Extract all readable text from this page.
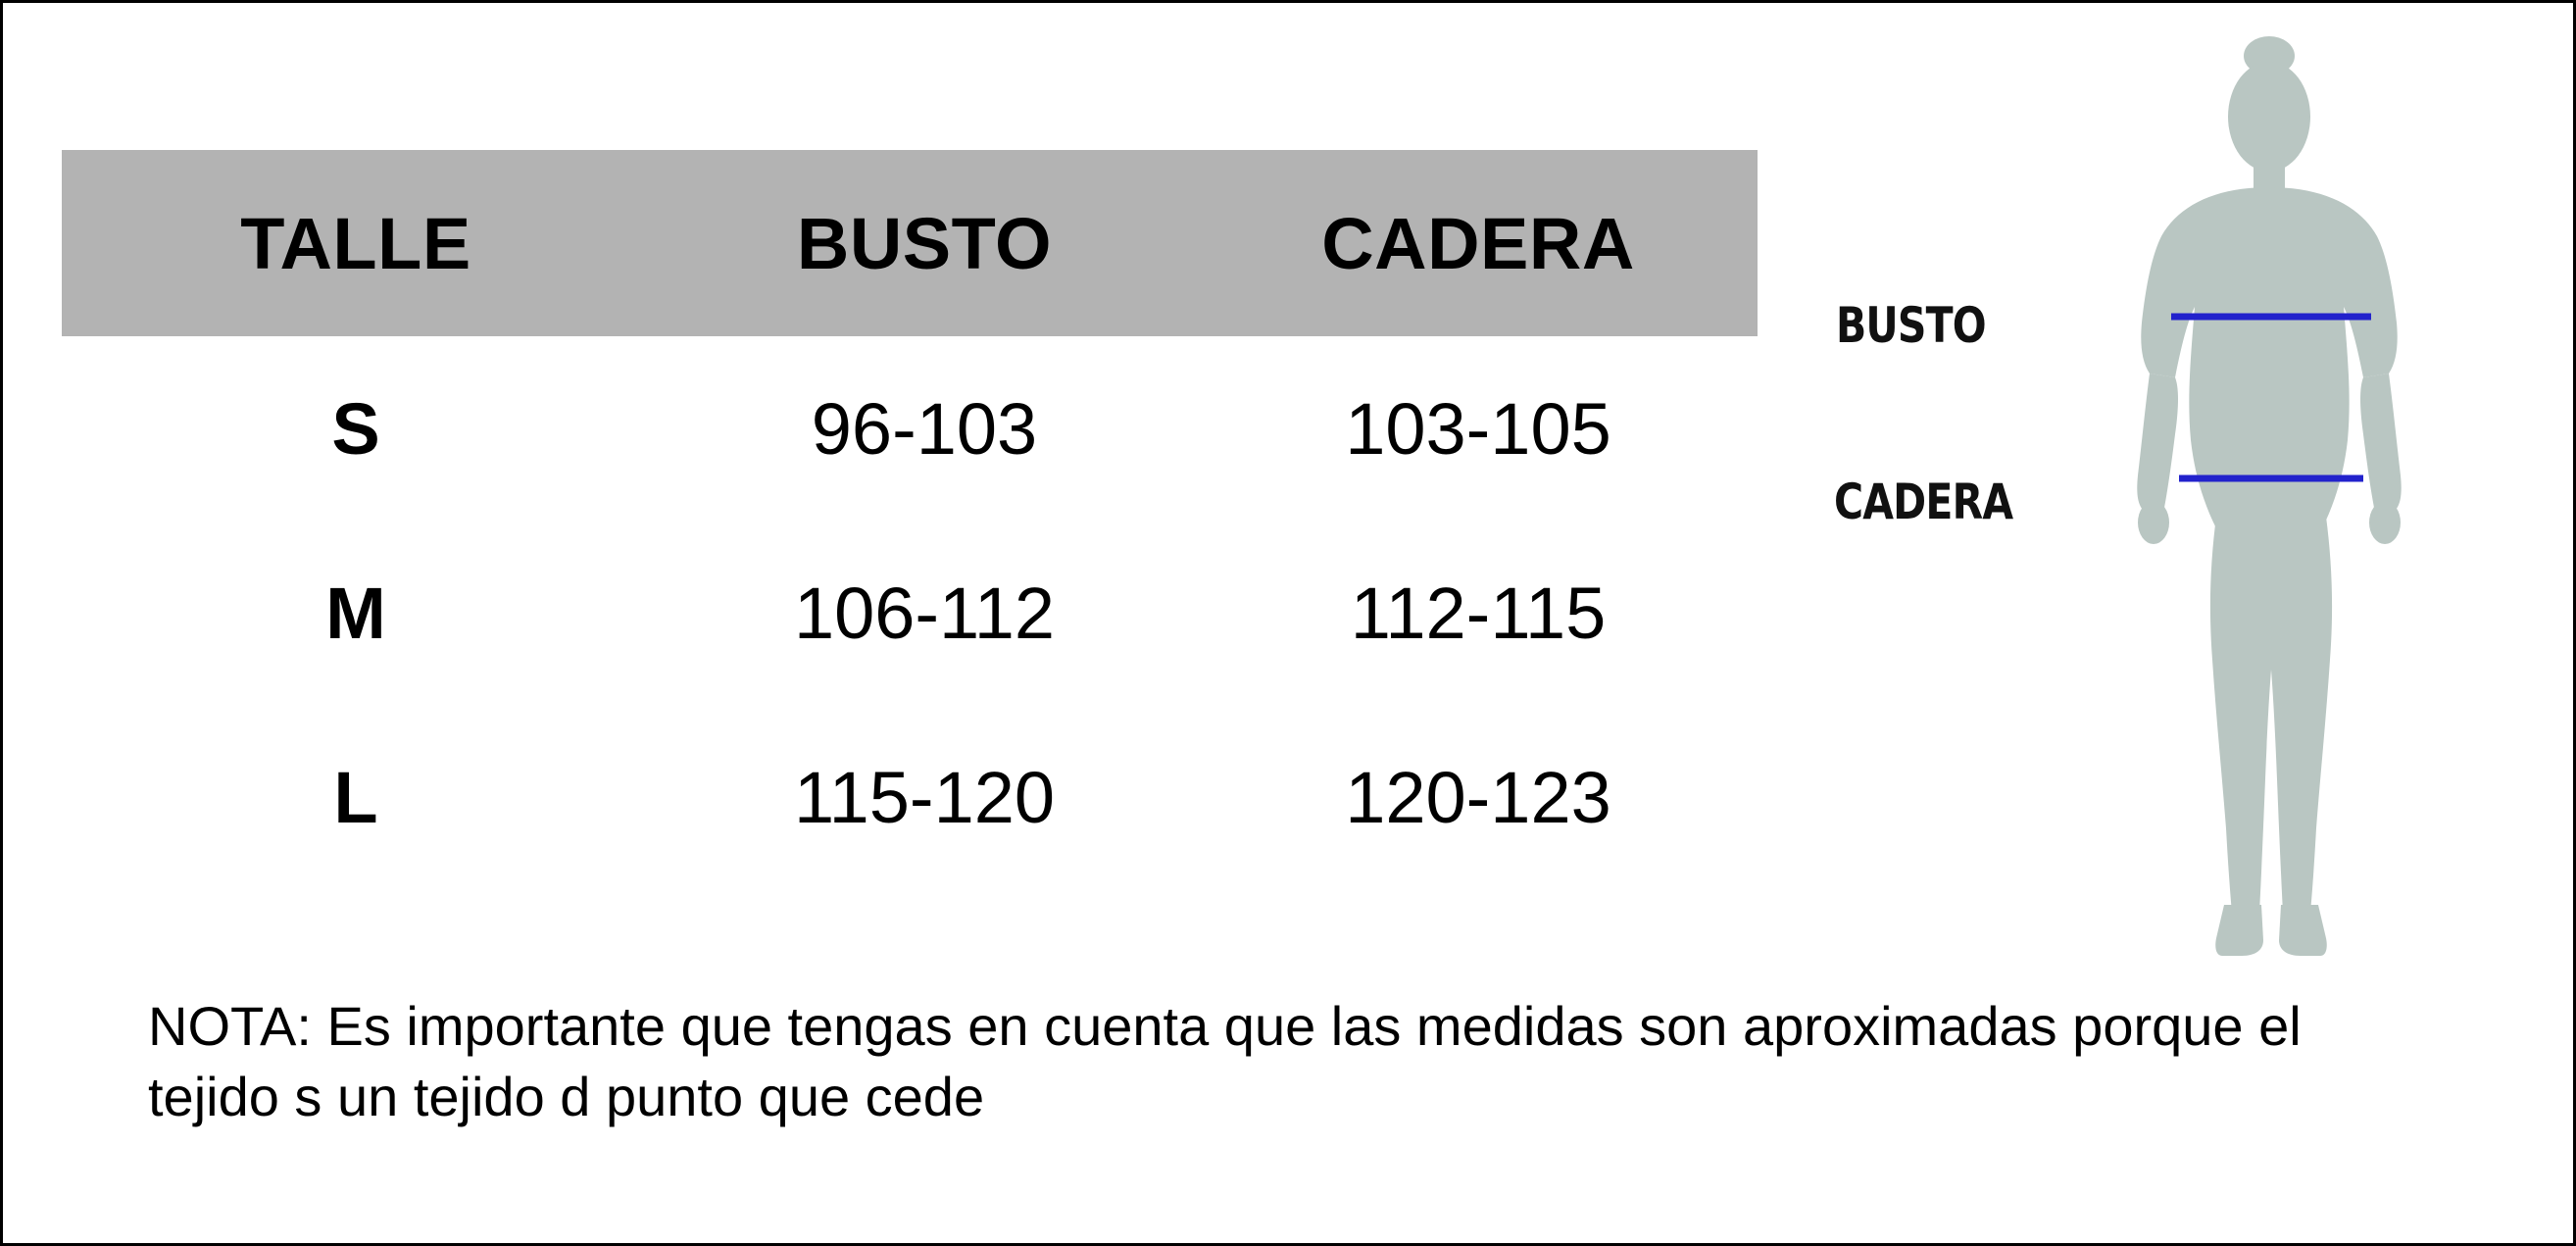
TALLE	BUSTO	CADERA
S	96-103	103-105
M	106-112	112-115
L	115-120	120-123
NOTA: Es importante que tengas en cuenta que las medidas son aproximadas porque el tejido s un tejido d punto que cede
BUSTO
CADERA
